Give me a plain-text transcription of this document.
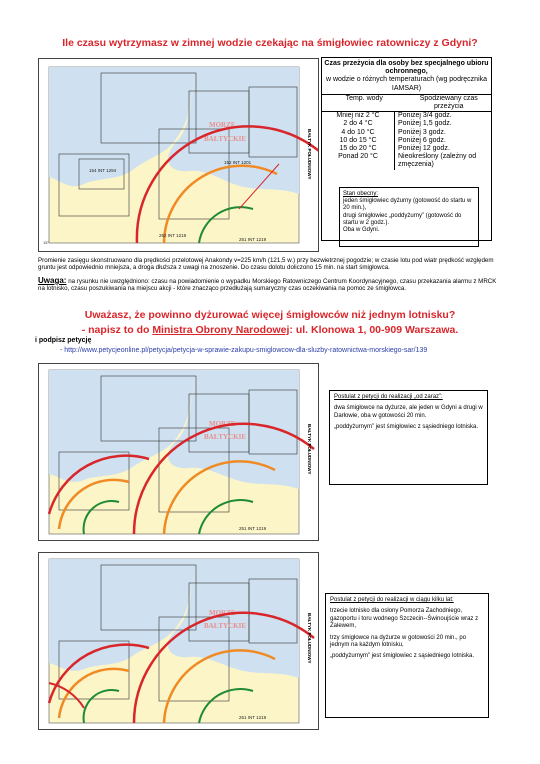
Ile czasu wytrzymasz w zimnej wodzie czekając na śmigłowiec ratowniczy z Gdyni?
MORZE
BAŁTYCKIE
15°
251 INT 1219
252 INT 1218
152 INT 1201
154 INT 1294	BAŁTYK POŁUDNIOWY
Czas przeżycia dla osoby bez specjalnego ubioru ochronnego,
w wodzie o różnych temperaturach (wg podręcznika IAMSAR)
Temp. wody	Spodziewany czas przeżycia
Mniej niż 2 °C
2 do 4 °C
4 do 10 °C
10 do 15 °C
15 do 20 °C
Ponad 20 °C
Poniżej 3/4 godz.
Poniżej 1,5 godz.
Poniżej 3 godz.
Poniżej 6 godz.
Poniżej 12 godz.
Nieokreślony (zależny od zmęczenia)
Stan obecny:
jeden śmigłowiec dyżurny (gotowość do startu w 20 min.),
drugi śmigłowiec „poddyżurny” (gotowość do startu w 2 godz.).
Oba w Gdyni.
Promienie zasięgu skonstruowano dla prędkości przelotowej Anakondy v=225 km/h (121,5 w.) przy bezwietrznej pogodzie; w czasie lotu pod wiatr prędkość względem gruntu jest odpowiednio mniejsza, a droga dłuższa z uwagi na znoszenie. Do czasu dolotu doliczono 15 min. na start śmigłowca.
Uwaga: na rysunku nie uwzględniono: czasu na powiadomienie o wypadku Morskiego Ratowniczego Centrum Koordynacyjnego, czasu przekazania alarmu z MRCK na lotnisko, czasu poszukiwania na miejscu akcji - które znacząco przedłużają sumaryczny czas oczekiwania na pomoc ze śmigłowca.
Uważasz, że powinno dyżurować więcej śmigłowców niż jednym lotnisku?
- napisz to do Ministra Obrony Narodowej: ul. Klonowa 1, 00-909 Warszawa.
i podpisz petycję
- http://www.petycjeonline.pl/petycja/petycja-w-sprawie-zakupu-smiglowcow-dla-sluzby-ratownictwa-morskiego-sar/139
MORZE
BAŁTYCKIE
251 INT 1219
BAŁTYK POŁUDNIOWY

Postulat z petycji do realizacji „od zaraz”:

dwa śmigłowce na dyżurze, ale jeden w Gdyni a drugi w Darłowie, oba w gotowości 20 min.

„poddyżurnym” jest śmigłowiec z sąsiedniego lotniska.

MORZE
BAŁTYCKIE
251 INT 1219
BAŁTYK POŁUDNIOWY

Postulat z petycji do realizacji w ciągu kilku lat:

trzecie lotnisko dla osłony Pomorza Zachodniego, gazoportu i toru wodnego Szczecin--Świnoujście wraz z Zalewem,

trzy śmigłowce na dyżurze w gotowości 20 min., po jednym na każdym lotnisku,

„poddyżurnym” jest śmigłowiec z sąsiedniego lotniska.
